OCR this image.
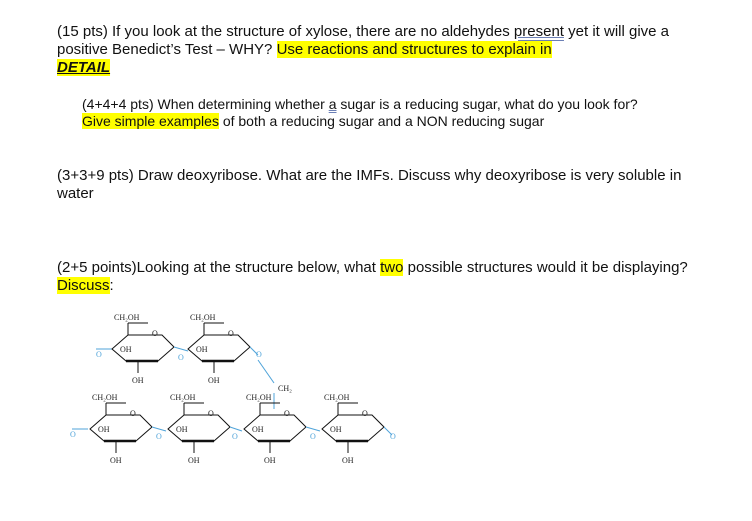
(15 pts) If you look at the structure of xylose, there are no aldehydes present yet it will give a positive Benedict’s Test – WHY? Use reactions and structures to explain in
DETAIL
(4+4+4 pts) When determining whether a sugar is a reducing sugar, what do you look for?
Give simple examples of both a reducing sugar and a NON reducing sugar
(3+3+9 pts) Draw deoxyribose. What are the IMFs. Discuss why deoxyribose is very soluble in water
(2+5 points)Looking at the structure below, what two possible structures would it be displaying? Discuss:
O
CH₂OH
O
OH
OH
CH₂OH
O
OH
OH
O	O
CH₂
O
CH₂OH
O
OH
OH
CH₂OH
O
OH
OH
CH₂OH
O
OH
OH
CH₂OH
O
OH
OH
O	O	O	O
